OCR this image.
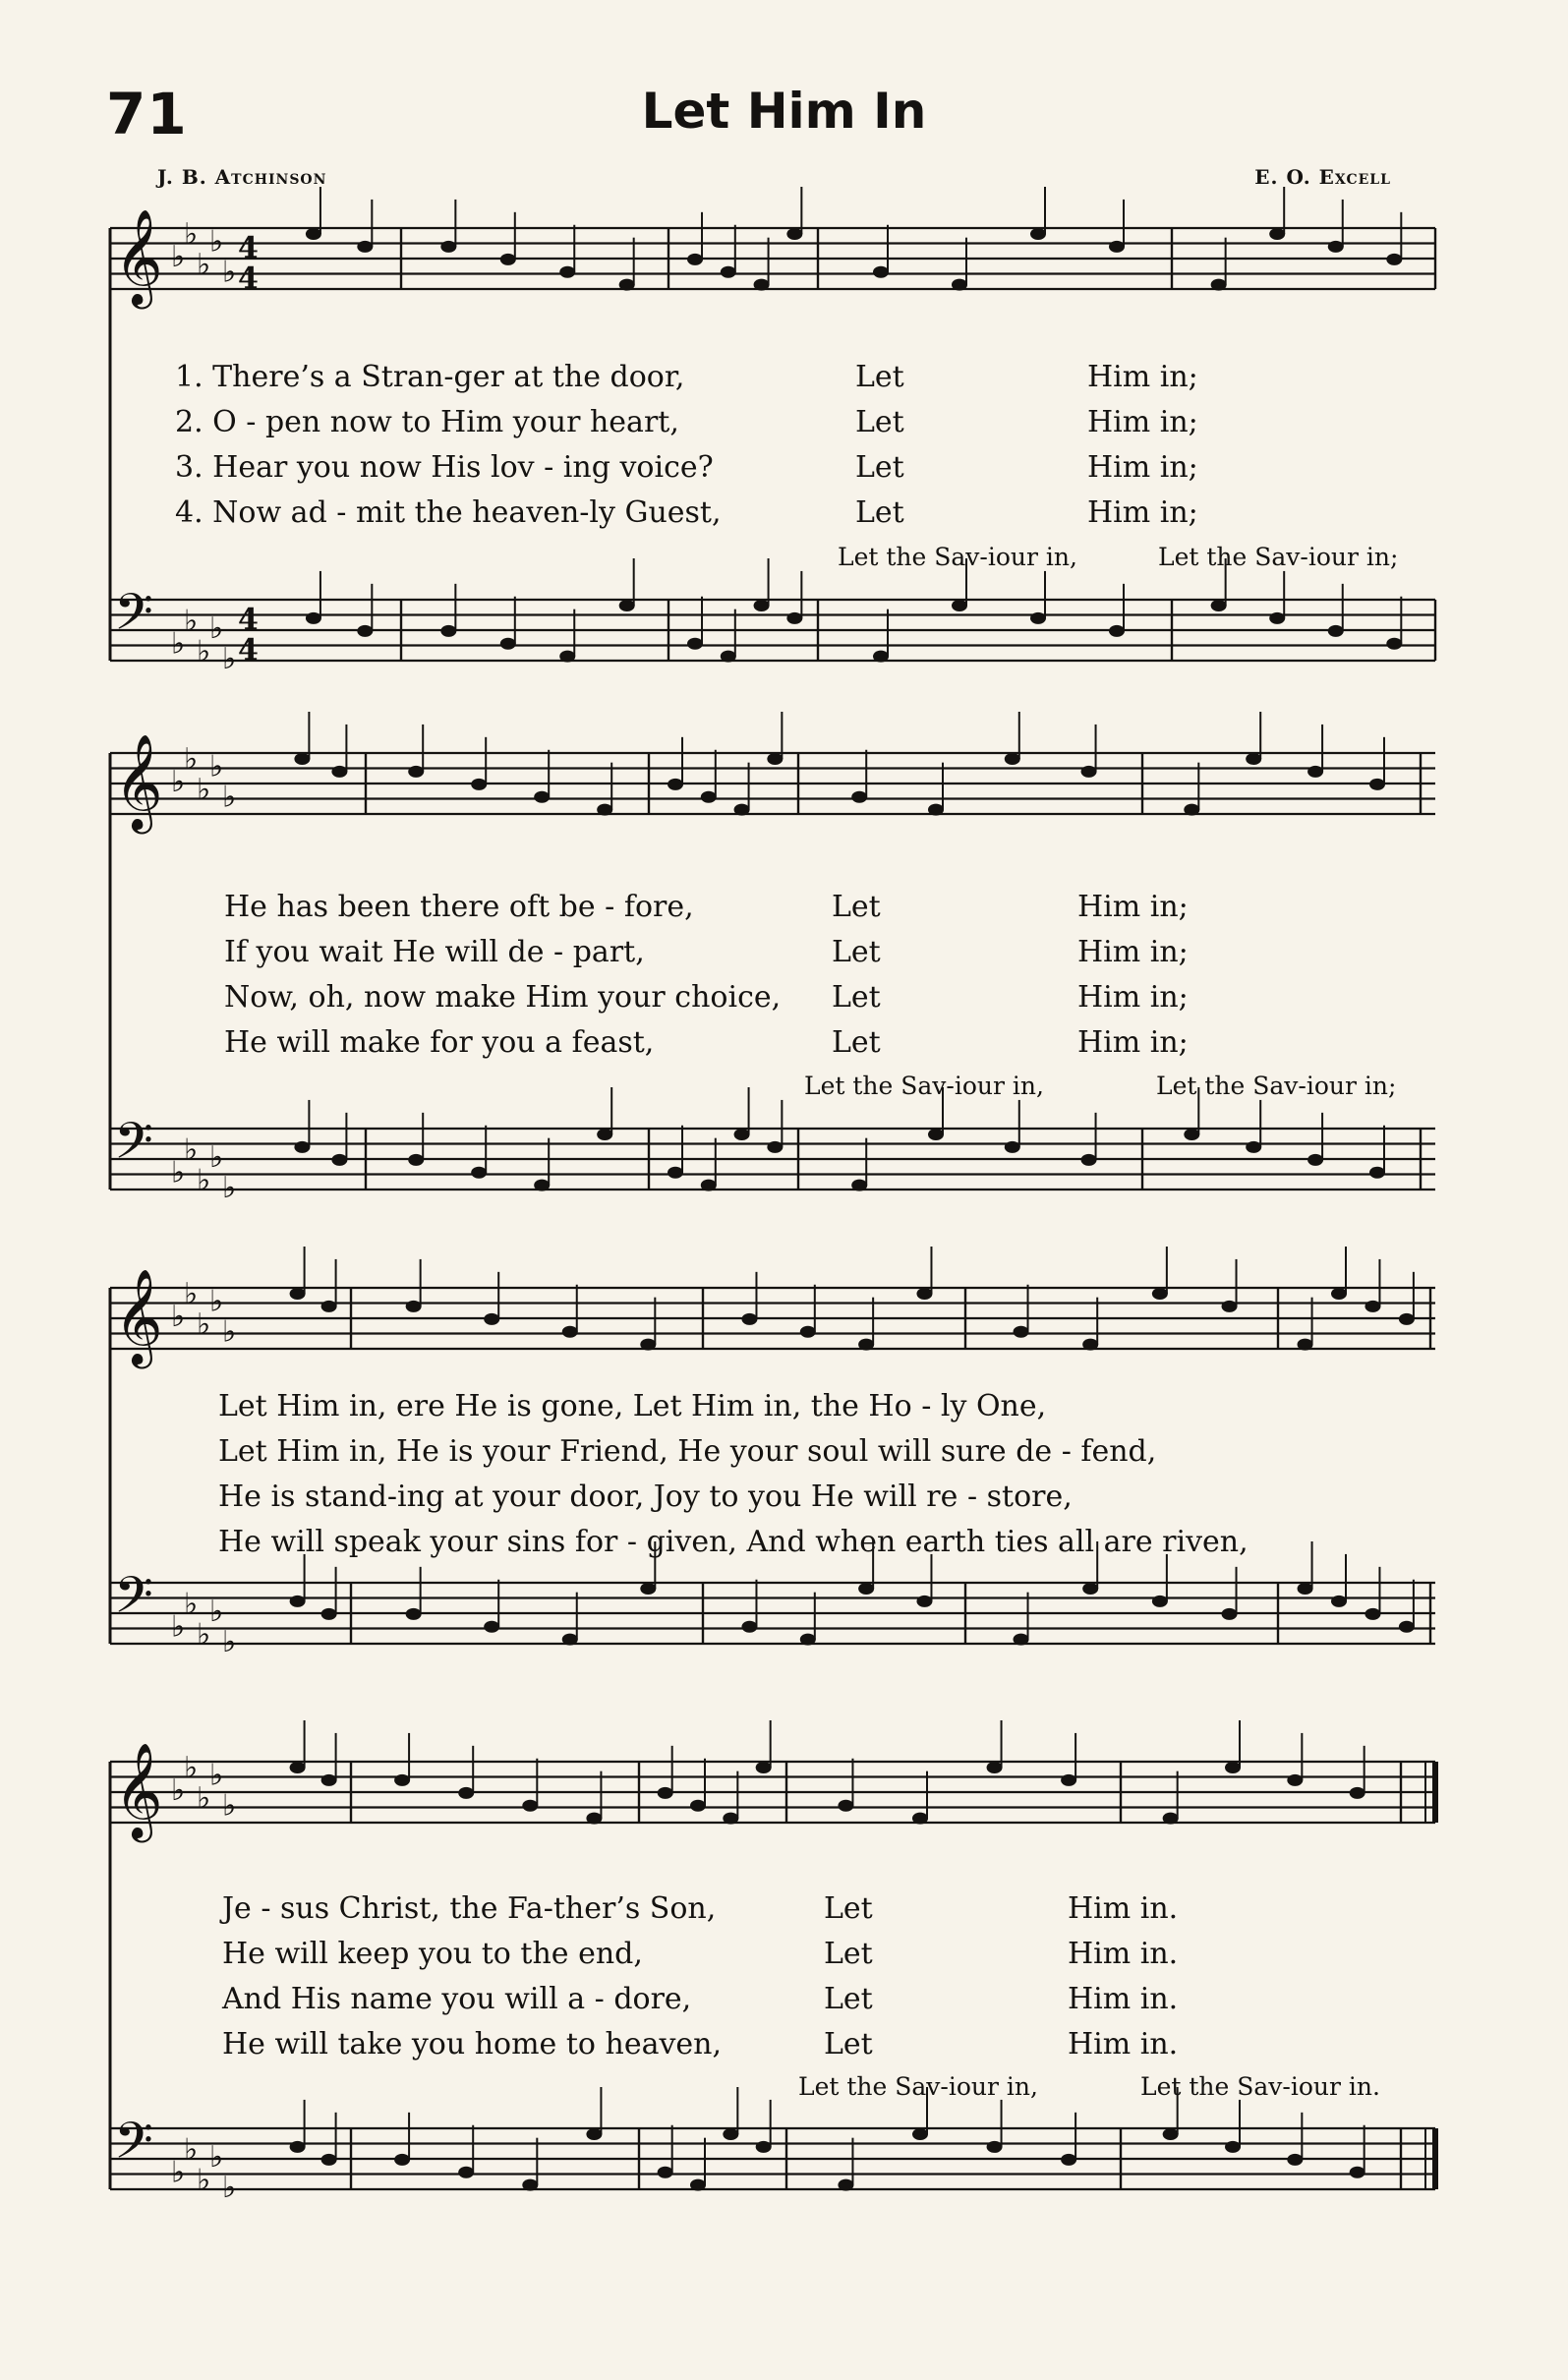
71	Let Him In
J. B. Atchinson	E. O. Excell
𝄞 ♭
♭
♭
♭
♭
4
4
𝄢 ♭
♭
♭
♭
♭
4
4
𝄞 ♭
♭
♭
♭
♭
𝄢 ♭
♭
♭
♭
♭
𝄞 ♭
♭
♭
♭
♭
𝄢 ♭
♭
♭
♭
♭
𝄞 ♭
♭
♭
♭
♭
𝄢 ♭
♭
♭
♭
♭
1. There’s a Stran-ger at the door,	Let	Him in;
2. O - pen now to Him your heart,	Let	Him in;
3. Hear you now His lov - ing voice?	Let	Him in;
4. Now ad - mit the heaven-ly Guest,	Let	Him in;
Let the Sav-iour in,	Let the Sav-iour in;
He has been there oft be - fore,	Let	Him in;
If you wait He will de - part,	Let	Him in;
Now, oh, now make Him your choice, Let	Him in;
He will make for you a feast,	Let	Him in;
Let the Sav-iour in,	Let the Sav-iour in;
Let Him in, ere He is gone, Let Him in, the Ho - ly One,
Let Him in, He is your Friend, He your soul will sure de - fend,
He is stand-ing at your door, Joy to you He will re - store,
He will speak your sins for - given, And when earth ties all are riven,
Je - sus Christ, the Fa-ther’s Son,	Let	Him in.
He will keep you to the end,	Let	Him in.
And His name you will a - dore,	Let	Him in.
He will take you home to heaven,	Let	Him in.
Let the Sav-iour in,	Let the Sav-iour in.
